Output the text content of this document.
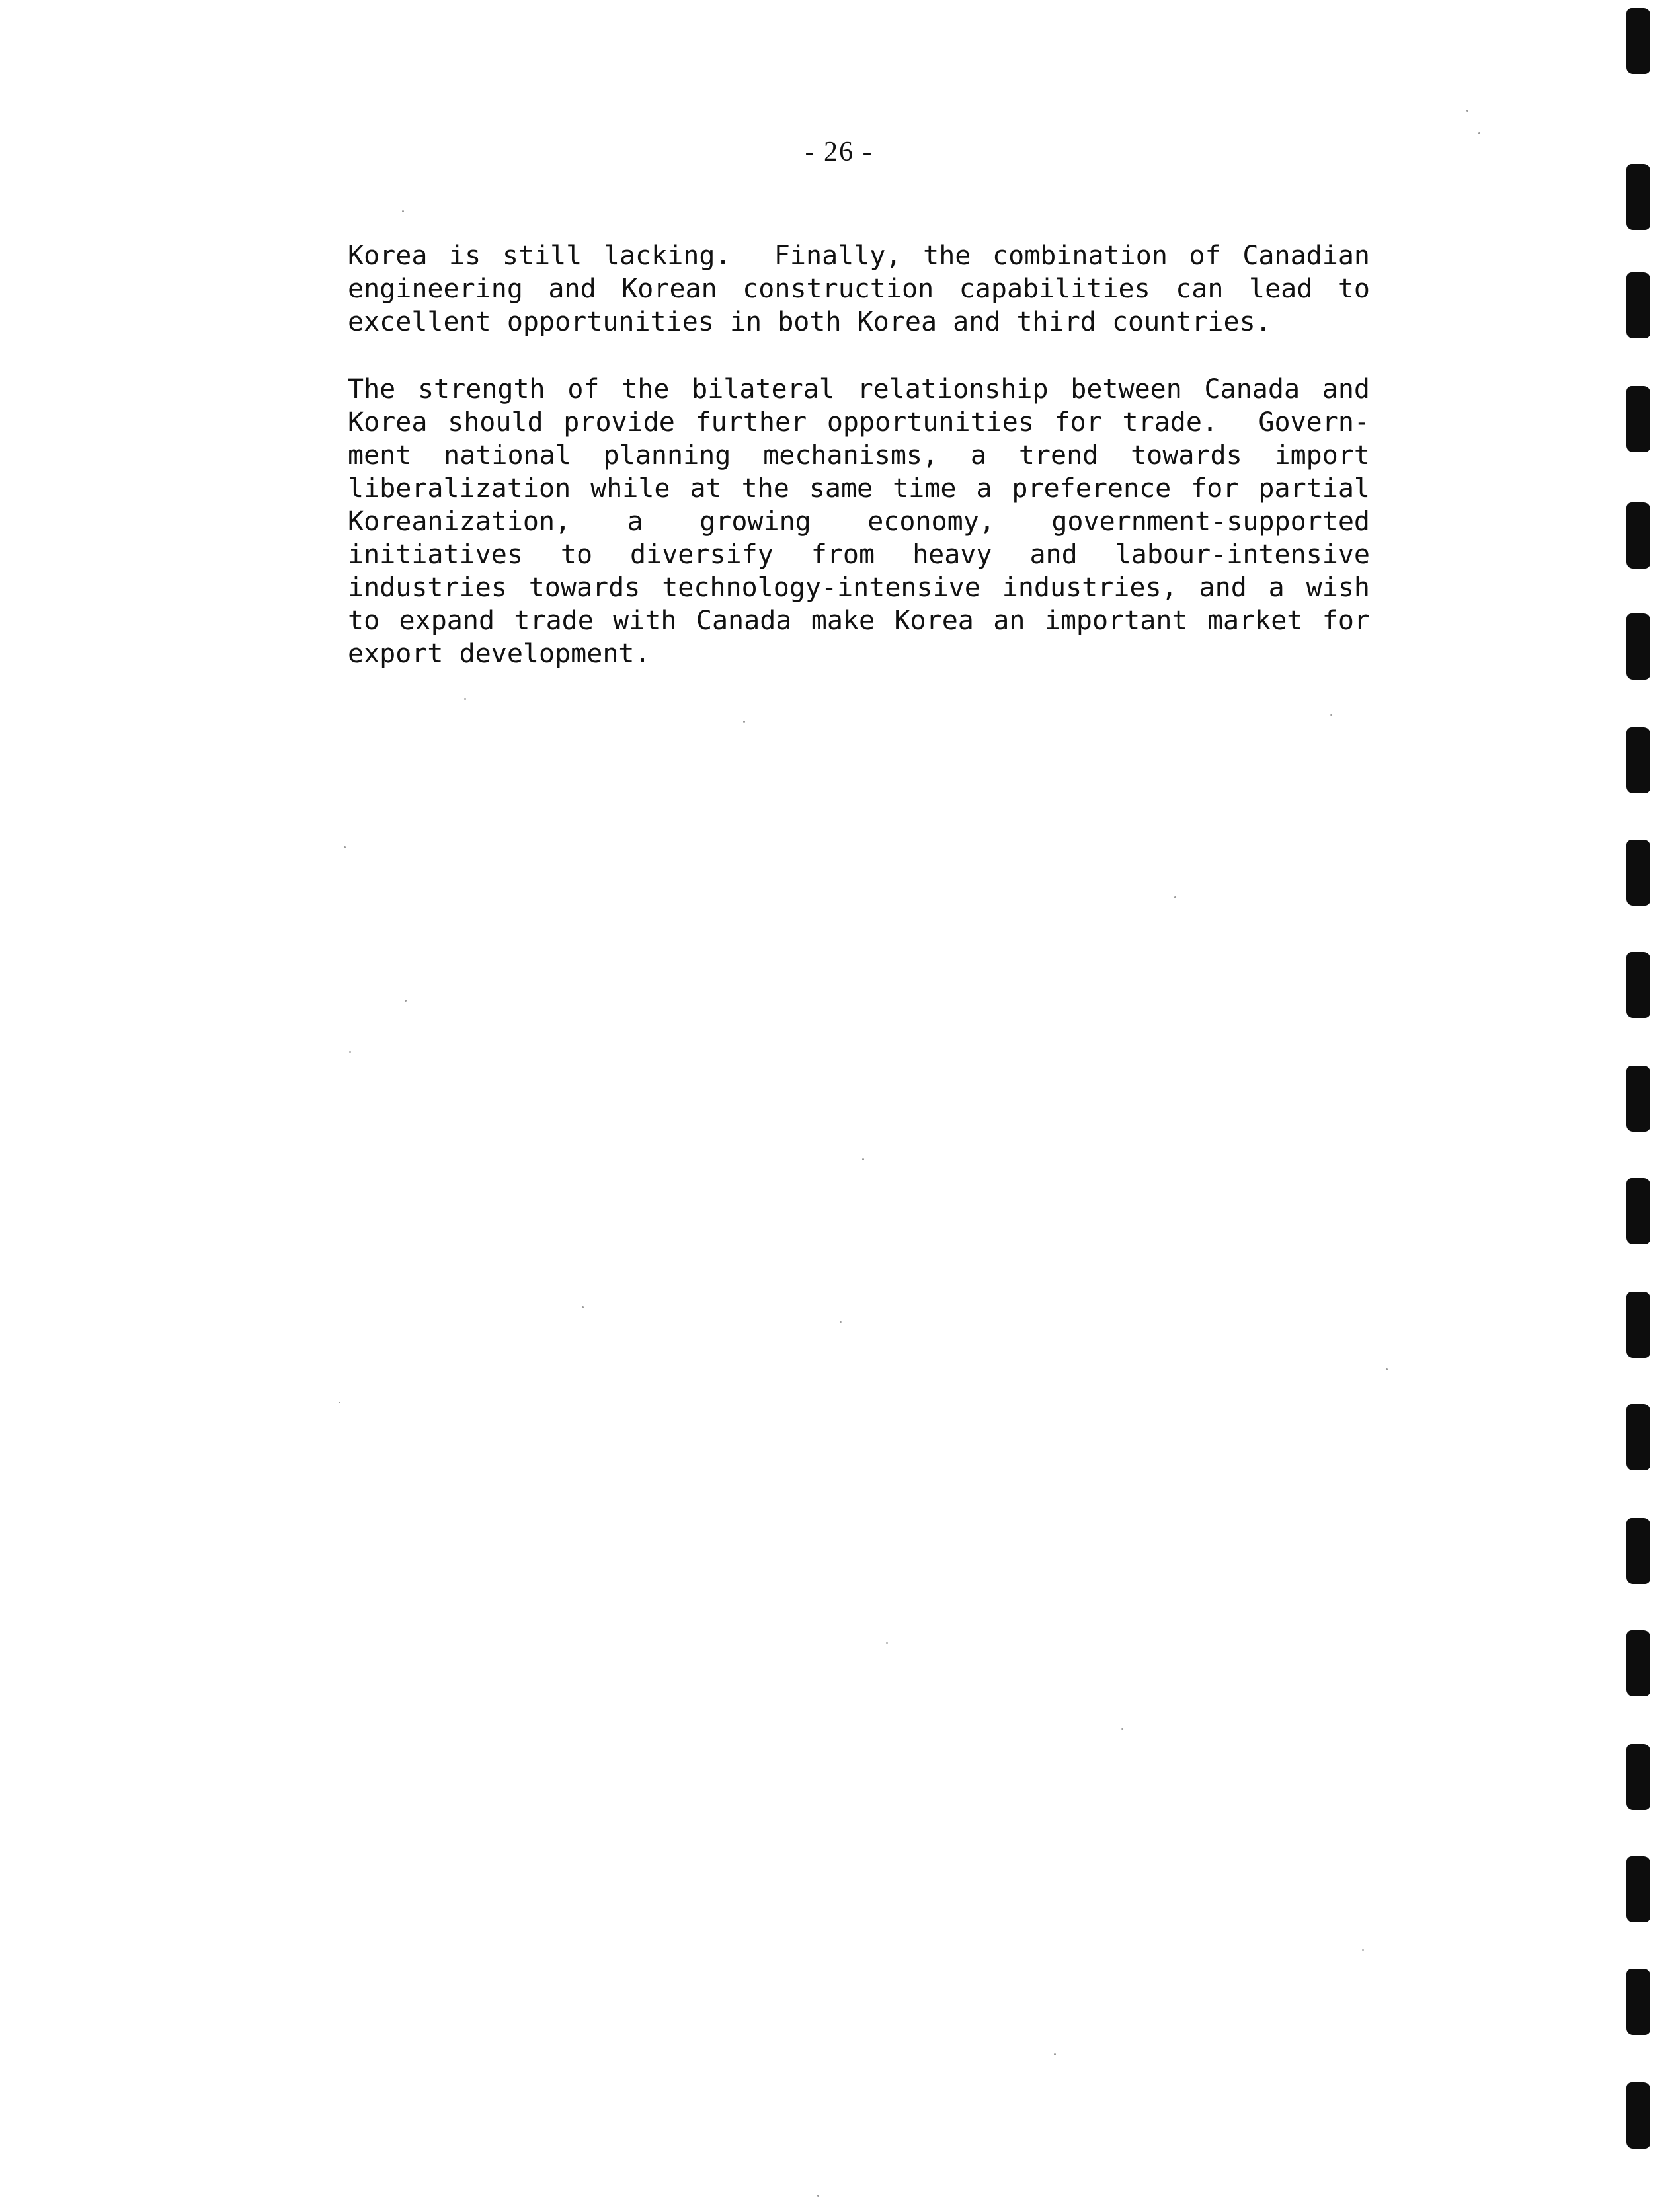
- 26 -
Korea is still lacking.  Finally, the combination of Canadian
engineering and Korean construction capabilities can lead to
excellent opportunities in both Korea and third countries.
The strength of the bilateral relationship between Canada and
Korea should provide further opportunities for trade.  Govern-
ment national planning mechanisms, a trend towards import
liberalization while at the same time a preference for partial
Koreanization, a growing economy, government-supported
initiatives to diversify from heavy and labour-intensive
industries towards technology-intensive industries, and a wish
to expand trade with Canada make Korea an important market for
export development.
